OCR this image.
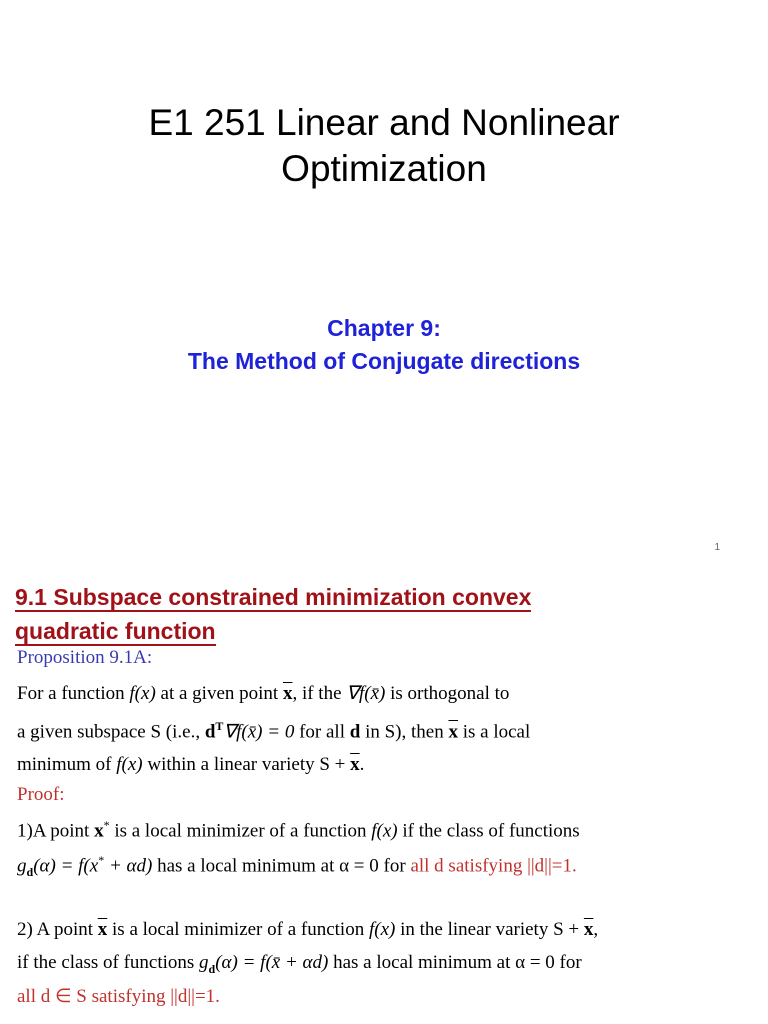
E1 251 Linear and Nonlinear
Optimization
Chapter 9:
The Method of Conjugate directions
1
9.1 Subspace constrained minimization convex
quadratic function
Proposition 9.1A:
For a function f(x) at a given point $\overline{x}$, if the ∇f(x̄) is orthogonal to
a given subspace S (i.e., $d^T\nabla f(x̄) = 0$ for all d in S), then $\overline{x}$ is a local
minimum of f(x) within a linear variety $S + \overline{x}$.
Proof:
1)A point x* is a local minimizer of a function f(x) if the class of functions
$g_d(\alpha) = f(x^* + \alpha d)$ has a local minimum at α = 0 for all d satisfying ||d||=1.
2) A point $\overline{x}$ is a local minimizer of a function f(x) in the linear variety $S + \overline{x}$,
if the class of functions $g_d(\alpha)$ = f(x̄ + αd) has a local minimum at α = 0 for
all d ∈ S satisfying ||d||=1.
